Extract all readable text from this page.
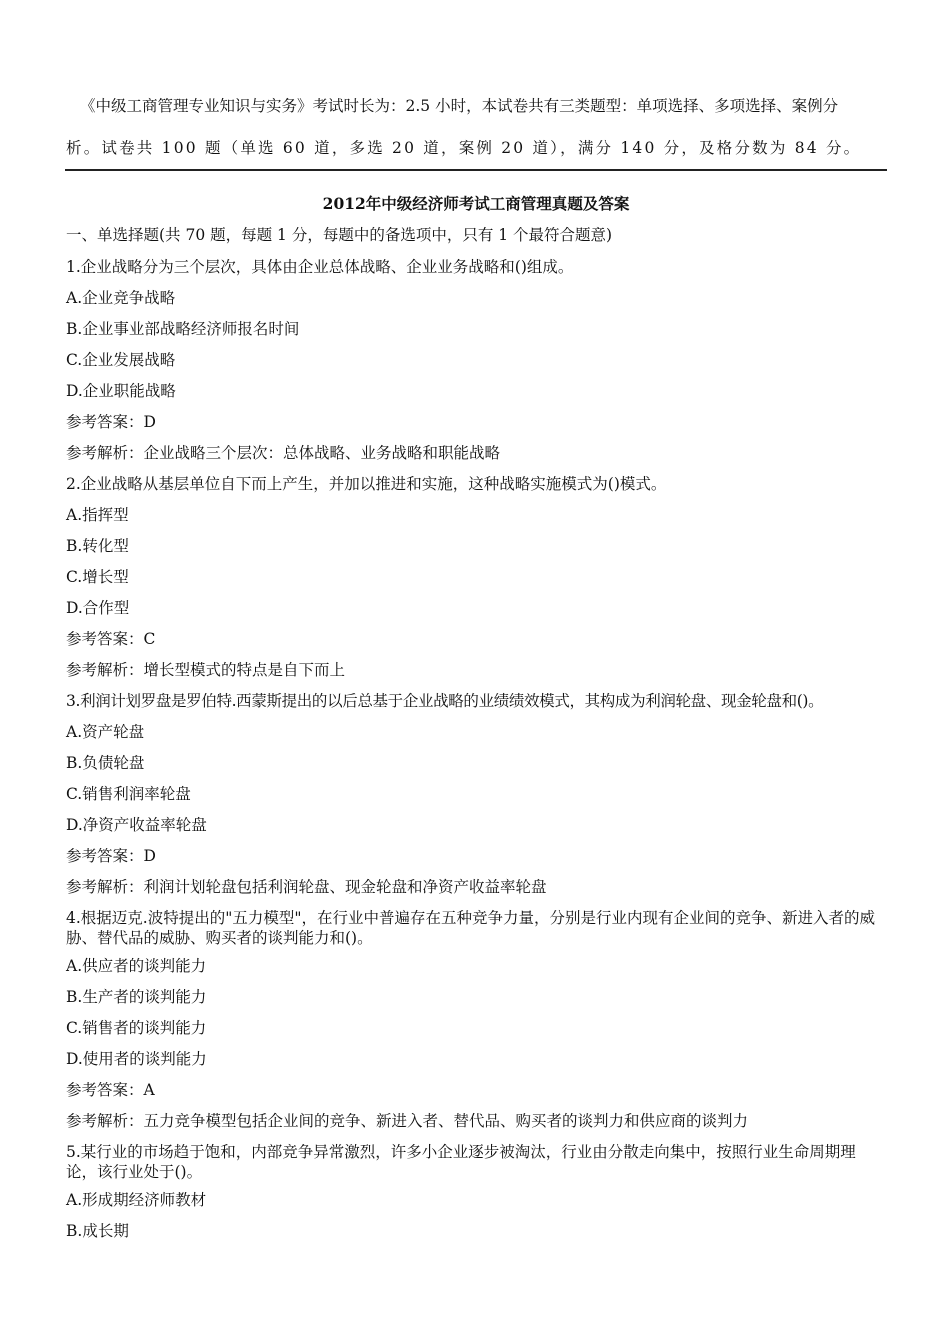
《中级工商管理专业知识与实务》考试时长为：2.5 小时，本试卷共有三类题型：单项选择、多项选择、案例分
析。试卷共 100 题（单选 60 道，多选 20 道，案例 20 道），满分 140 分，及格分数为 84 分。
2012年中级经济师考试工商管理真题及答案
一、单选择题(共 70 题，每题 1 分，每题中的备选项中，只有 1 个最符合题意)
1.企业战略分为三个层次，具体由企业总体战略、企业业务战略和()组成。
A.企业竞争战略
B.企业事业部战略经济师报名时间
C.企业发展战略
D.企业职能战略
参考答案：D
参考解析：企业战略三个层次：总体战略、业务战略和职能战略
2.企业战略从基层单位自下而上产生，并加以推进和实施，这种战略实施模式为()模式。
A.指挥型
B.转化型
C.增长型
D.合作型
参考答案：C
参考解析：增长型模式的特点是自下而上
3.利润计划罗盘是罗伯特.西蒙斯提出的以后总基于企业战略的业绩绩效模式，其构成为利润轮盘、现金轮盘和()。
A.资产轮盘
B.负债轮盘
C.销售利润率轮盘
D.净资产收益率轮盘
参考答案：D
参考解析：利润计划轮盘包括利润轮盘、现金轮盘和净资产收益率轮盘
4.根据迈克.波特提出的"五力模型"，在行业中普遍存在五种竞争力量，分别是行业内现有企业间的竞争、新进入者的威胁、替代品的威胁、购买者的谈判能力和()。
A.供应者的谈判能力
B.生产者的谈判能力
C.销售者的谈判能力
D.使用者的谈判能力
参考答案：A
参考解析：五力竞争模型包括企业间的竞争、新进入者、替代品、购买者的谈判力和供应商的谈判力
5.某行业的市场趋于饱和，内部竞争异常激烈，许多小企业逐步被淘汰，行业由分散走向集中，按照行业生命周期理论，该行业处于()。
A.形成期经济师教材
B.成长期
